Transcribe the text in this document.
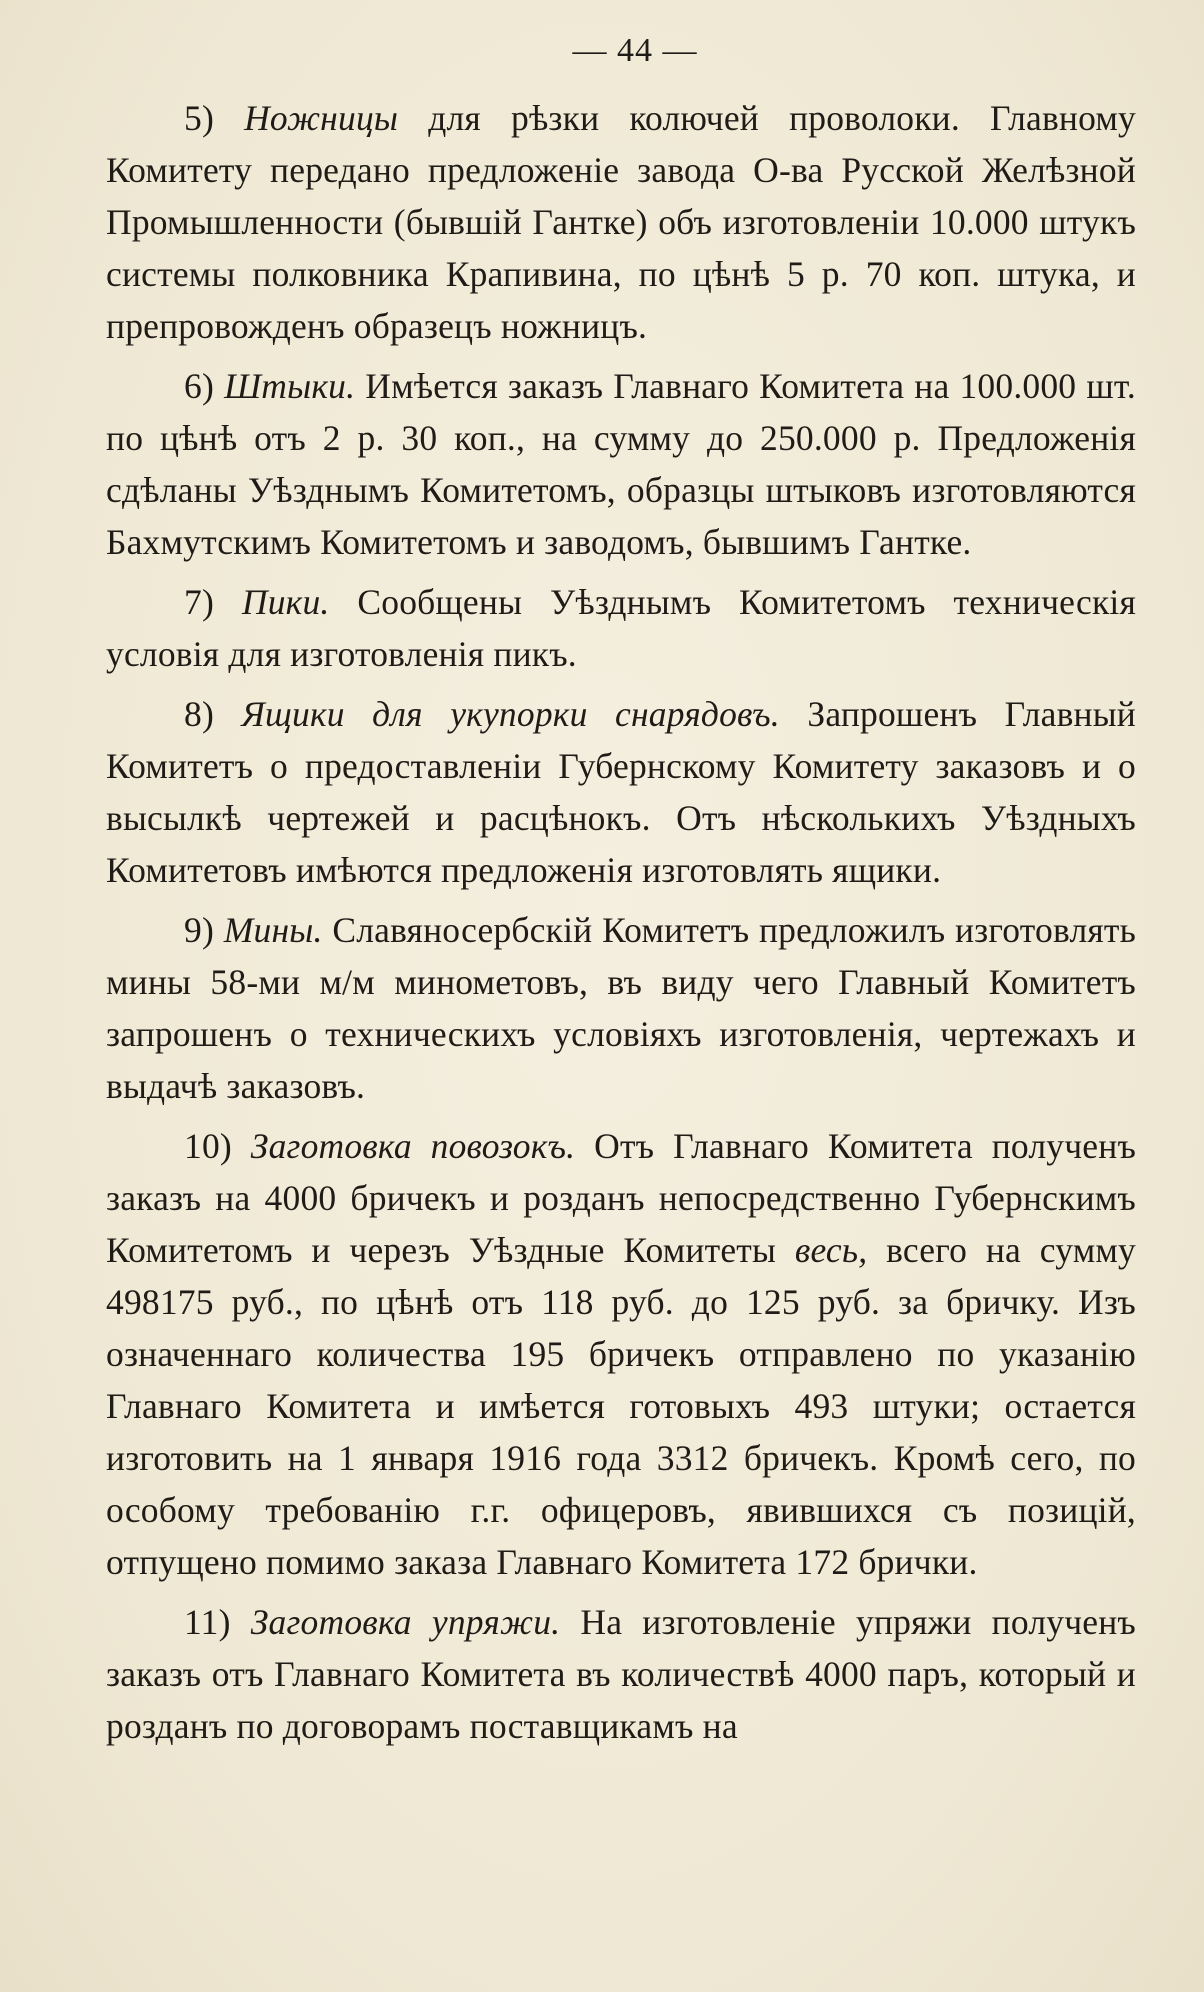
— 44 —

5) Ножницы для рѣзки колючей проволоки. Главному Комитету передано предложеніе завода О-ва Русской Желѣзной Промышленности (бывшій Гантке) объ изготовленіи 10.000 штукъ системы полковника Крапивина, по цѣнѣ 5 р. 70 коп. штука, и препровожденъ образецъ ножницъ.

6) Штыки. Имѣется заказъ Главнаго Комитета на 100.000 шт. по цѣнѣ отъ 2 р. 30 коп., на сумму до 250.000 р. Предложенія сдѣланы Уѣзднымъ Комитетомъ, образцы штыковъ изготовляются Бахмутскимъ Комитетомъ и заводомъ, бывшимъ Гантке.

7) Пики. Сообщены Уѣзднымъ Комитетомъ техническія условія для изготовленія пикъ.

8) Ящики для укупорки снарядовъ. Запрошенъ Главный Комитетъ о предоставленіи Губернскому Комитету заказовъ и о высылкѣ чертежей и расцѣнокъ. Отъ нѣсколькихъ Уѣздныхъ Комитетовъ имѣются предложенія изготовлять ящики.

9) Мины. Славяносербскій Комитетъ предложилъ изготовлять мины 58-ми м/м минометовъ, въ виду чего Главный Комитетъ запрошенъ о техническихъ условіяхъ изготовленія, чертежахъ и выдачѣ заказовъ.

10) Заготовка повозокъ. Отъ Главнаго Комитета полученъ заказъ на 4000 бричекъ и розданъ непосредственно Губернскимъ Комитетомъ и черезъ Уѣздные Комитеты весь, всего на сумму 498175 руб., по цѣнѣ отъ 118 руб. до 125 руб. за бричку. Изъ означеннаго количества 195 бричекъ отправлено по указанію Главнаго Комитета и имѣется готовыхъ 493 штуки; остается изготовить на 1 января 1916 года 3312 бричекъ. Кромѣ сего, по особому требованію г.г. офицеровъ, явившихся съ позицій, отпущено помимо заказа Главнаго Комитета 172 брички.

11) Заготовка упряжи. На изготовленіе упряжи полученъ заказъ отъ Главнаго Комитета въ количествѣ 4000 паръ, который и розданъ по договорамъ поставщикамъ на
